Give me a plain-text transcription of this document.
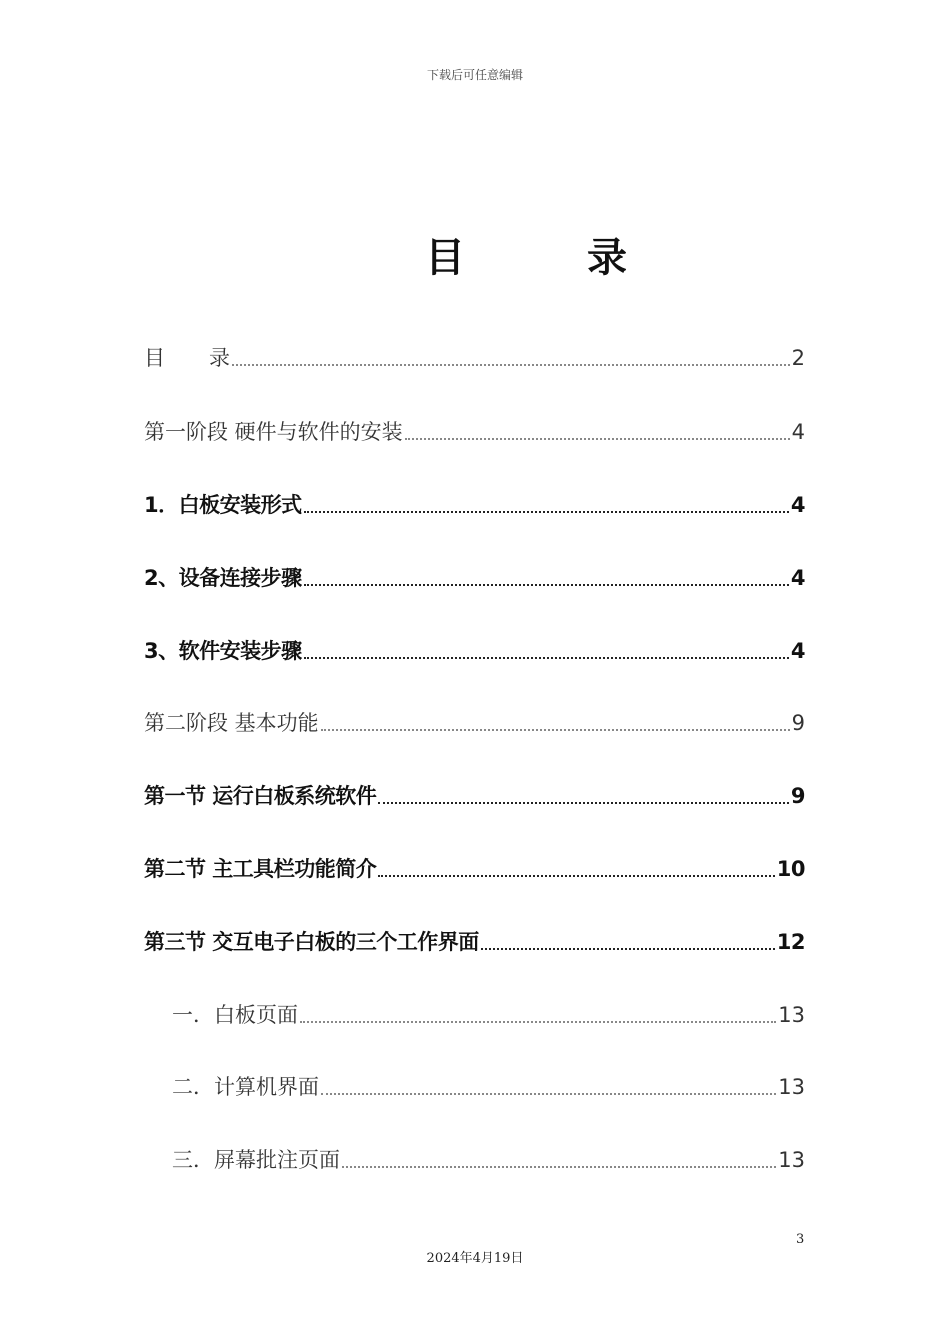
下载后可任意编辑
目	录
目 录	2
第一阶段 硬件与软件的安装	4
1．白板安装形式	4
2、设备连接步骤	4
3、软件安装步骤	4
第二阶段 基本功能	9
第一节 运行白板系统软件	9
第二节 主工具栏功能简介	10
第三节 交互电子白板的三个工作界面	12
一．白板页面	13
二．计算机界面	13
三．屏幕批注页面	13
3
2024年4月19日
